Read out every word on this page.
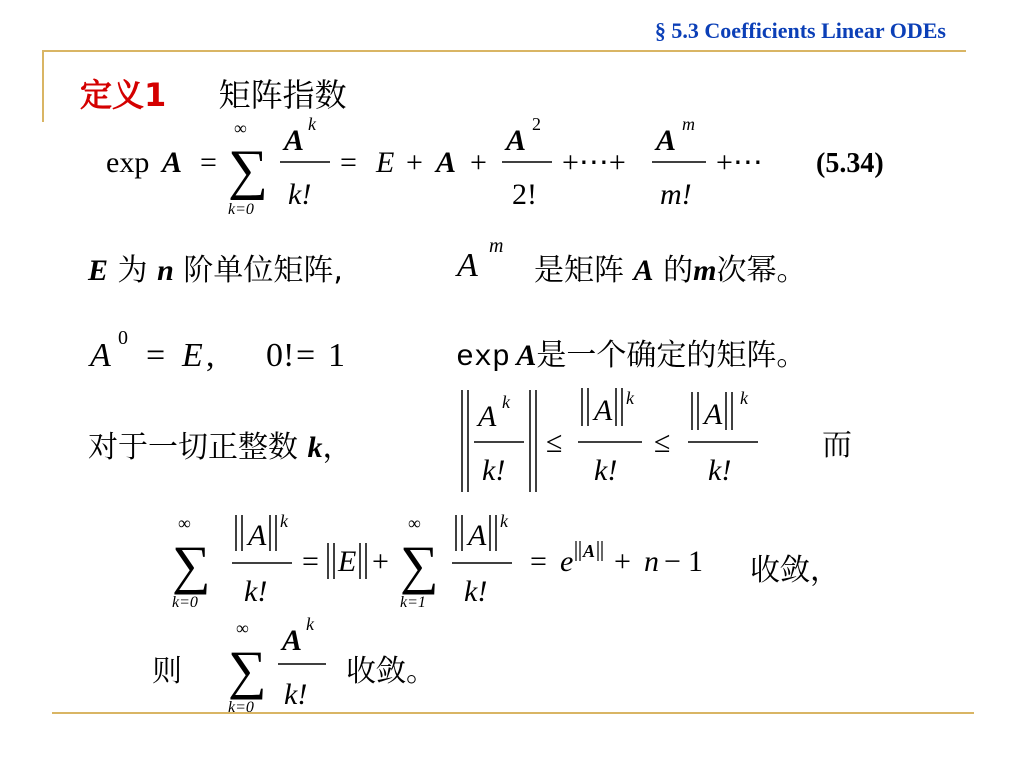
§ 5.3 Coefficients Linear ODEs
定义1 矩阵指数
exp A =
∞
∑
k=0
A k
k!
= E + A +
A 2
2!
+⋯+
A m
m!
+⋯ (5.34)
E 为 n 阶单位矩阵,	A
m
是矩阵 A 的m次幂。
A 0 = E , 0! = 1	exp A是一个确定的矩阵。
对于一切正整数 k，
A k
k!
≤
A k
k!
≤
A k
k!
而
∞
∑
k=0
A k
k!
= E +
∞
∑
k=1
A k
k!
= e A + n − 1 收敛，
则
∞
∑
k=0
A k
k!
收敛。
